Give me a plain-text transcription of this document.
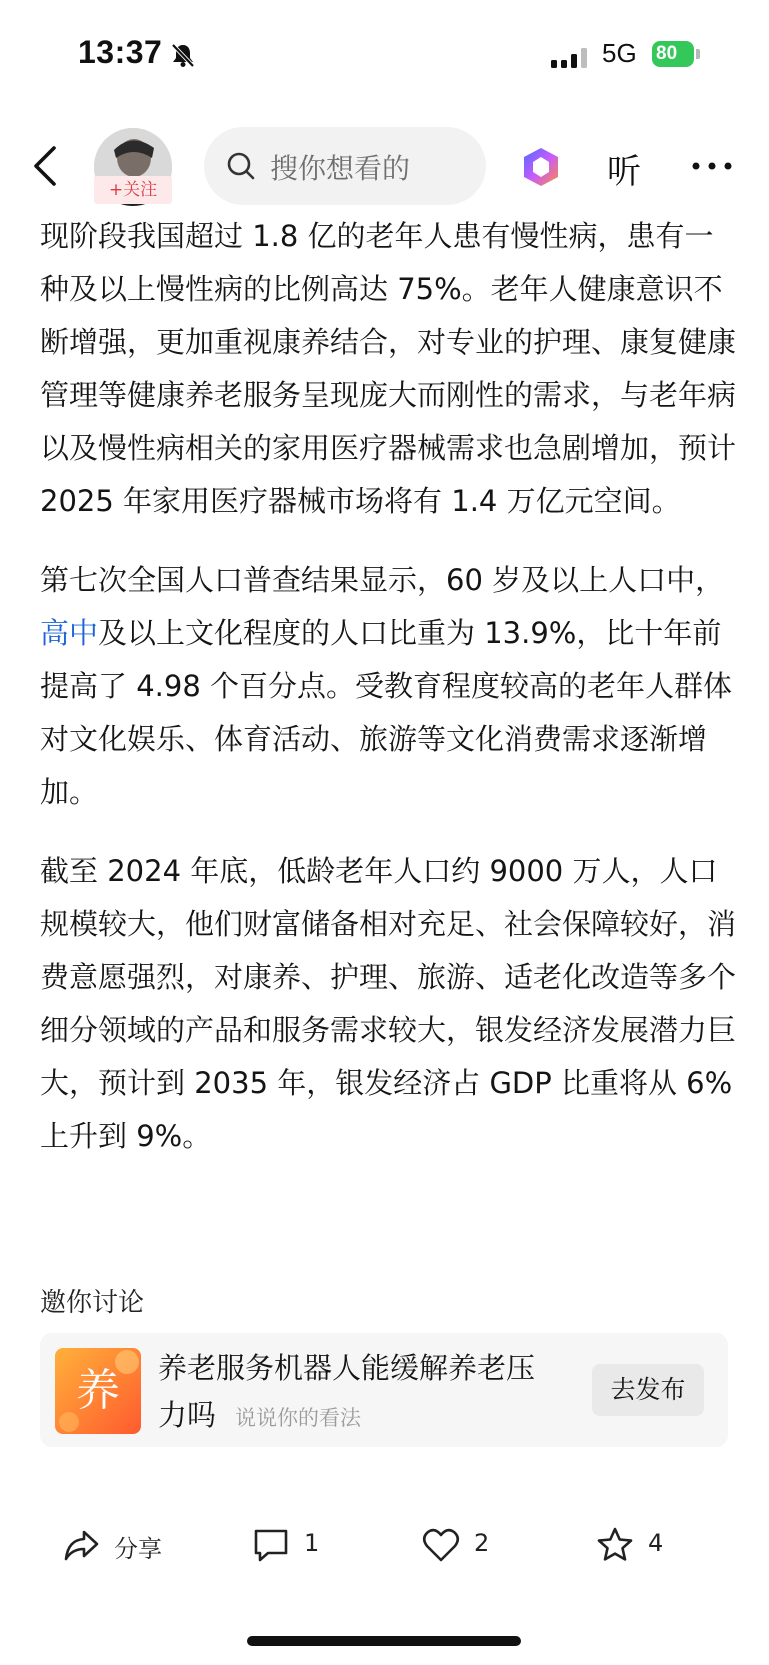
13:37	5G 80
+关注
搜你想看的	听

现阶段我国超过 1.8 亿的老年人患有慢性病，患有一种及以上慢性病的比例高达 75%。老年人健康意识不断增强，更加重视康养结合，对专业的护理、康复健康管理等健康养老服务呈现庞大而刚性的需求，与老年病以及慢性病相关的家用医疗器械需求也急剧增加，预计 2025 年家用医疗器械市场将有 1.4 万亿元空间。

第七次全国人口普查结果显示，60 岁及以上人口中，高中及以上文化程度的人口比重为 13.9%，比十年前提高了 4.98 个百分点。受教育程度较高的老年人群体对文化娱乐、体育活动、旅游等文化消费需求逐渐增加。

截至 2024 年底，低龄老年人口约 9000 万人，人口规模较大，他们财富储备相对充足、社会保障较好，消费意愿强烈，对康养、护理、旅游、适老化改造等多个细分领域的产品和服务需求较大，银发经济发展潜力巨大，预计到 2035 年，银发经济占 GDP 比重将从 6% 上升到 9%。

邀你讨论
养	养老服务机器人能缓解养老压
力吗 说说你的看法
去发布
分享	1	2	4
